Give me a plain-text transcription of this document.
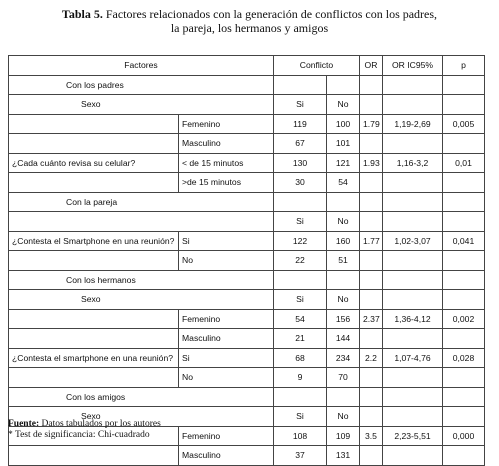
Tabla 5. Factores relacionados con la generación de conflictos con los padres,
la pareja, los hermanos y amigos
Factores		Conflicto		OR	OR IC95%	p
Con los padres						
Sexo		Si	No			
	Femenino	119	100	1.79	1,19-2,69	0,005
	Masculino	67	101			
¿Cada cuánto revisa su celular?	< de 15 minutos	130	121	1.93	1,16-3,2	0,01
	>de 15 minutos	30	54			
Con la pareja						
		Si	No			
¿Contesta el Smartphone en una reunión?	Si	122	160	1.77	1,02-3,07	0,041
	No	22	51			
Con los hermanos						
Sexo		Si	No			
	Femenino	54	156	2.37	1,36-4,12	0,002
	Masculino	21	144			
¿Contesta el smartphone en una reunión?	Si	68	234	2.2	1,07-4,76	0,028
	No	9	70			
Con los amigos						
Sexo		Si	No			
	Femenino	108	109	3.5	2,23-5,51	0,000
	Masculino	37	131			
Fuente: Datos tabulados por los autores
* Test de significancia: Chi-cuadrado
